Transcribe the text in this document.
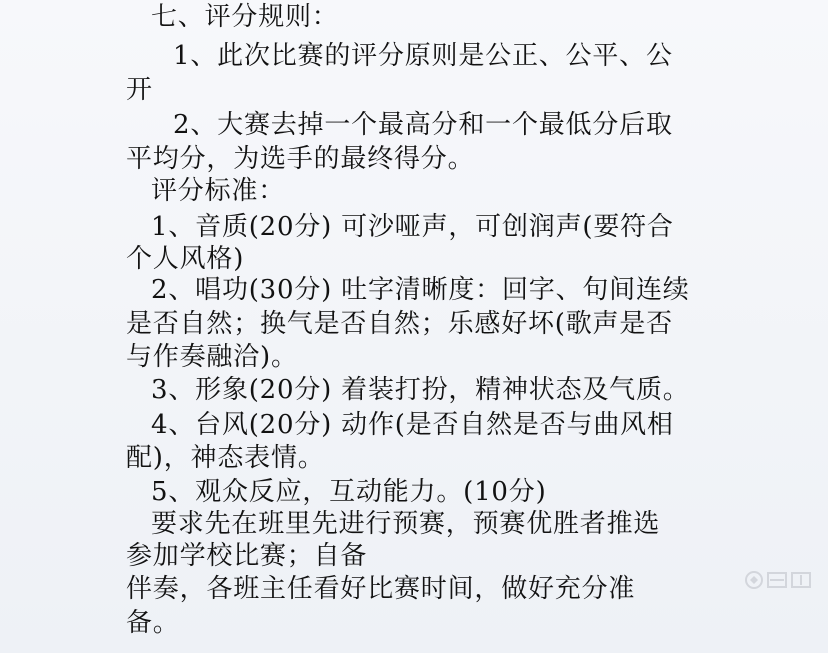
七、评分规则：
1、此次比赛的评分原则是公正、公平、公
开
2、大赛去掉一个最高分和一个最低分后取
平均分，为选手的最终得分。
评分标准：
1、音质(20分) 可沙哑声，可创润声(要符合
个人风格)
2、唱功(30分) 吐字清晰度：回字、句间连续
是否自然；换气是否自然；乐感好坏(歌声是否
与作奏融洽)。
3、形象(20分) 着装打扮，精神状态及气质。
4、台风(20分) 动作(是否自然是否与曲风相
配)，神态表情。
5、观众反应，互动能力。(10分)
要求先在班里先进行预赛，预赛优胜者推选
参加学校比赛；自备
伴奏，各班主任看好比赛时间，做好充分准
备。
